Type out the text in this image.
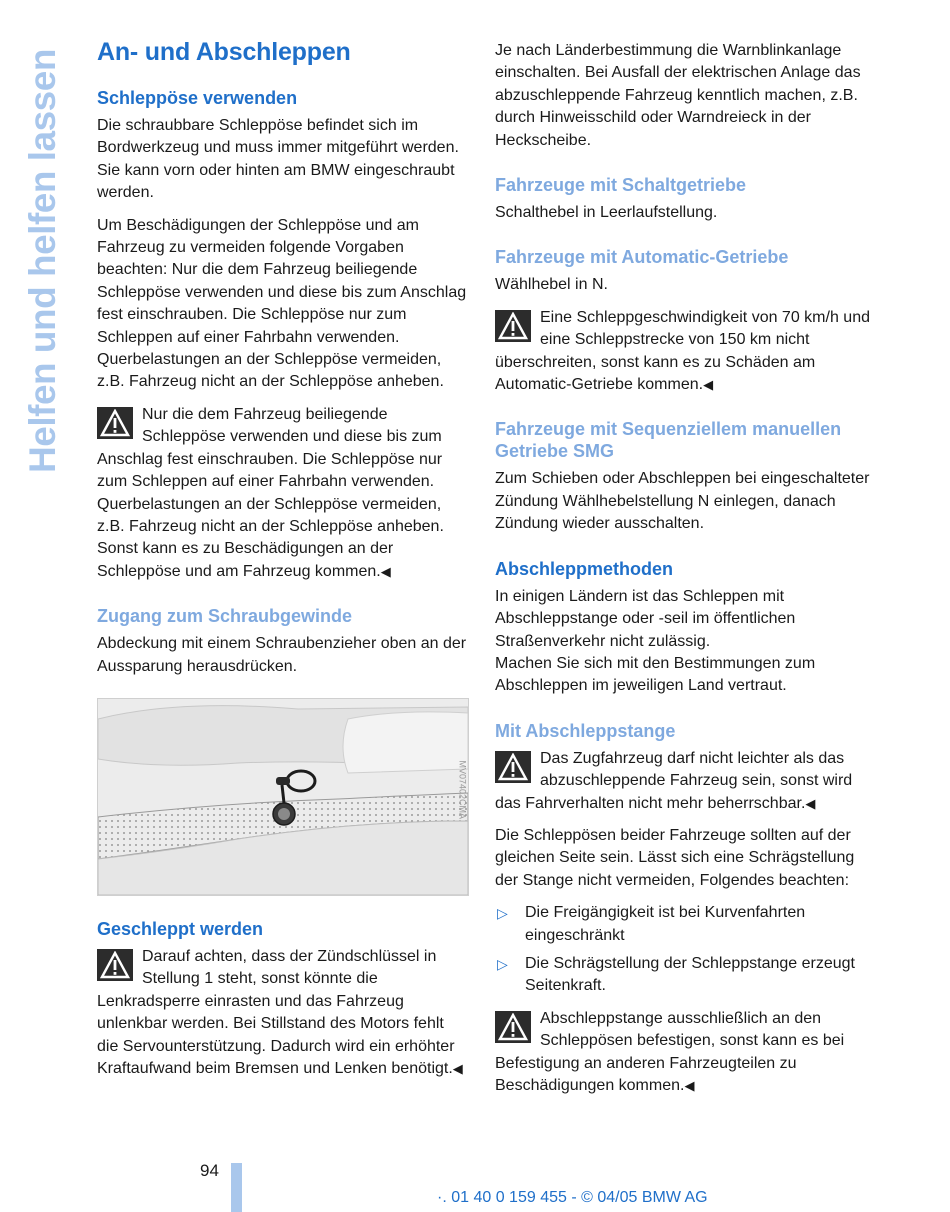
Helfen und helfen lassen An- und Abschleppen
Schleppöse verwenden

Die schraubbare Schleppöse befindet sich im Bordwerkzeug und muss immer mitgeführt werden. Sie kann vorn oder hinten am BMW eingeschraubt werden.

Um Beschädigungen der Schleppöse und am Fahrzeug zu vermeiden folgende Vorgaben beachten: Nur die dem Fahrzeug beiliegende Schleppöse verwenden und diese bis zum Anschlag fest einschrauben. Die Schleppöse nur zum Schleppen auf einer Fahrbahn verwenden. Querbelastungen an der Schleppöse vermeiden, z.B. Fahrzeug nicht an der Schleppöse anheben.

Nur die dem Fahrzeug beiliegende Schleppöse verwenden und diese bis zum Anschlag fest einschrauben. Die Schleppöse nur zum Schleppen auf einer Fahrbahn verwenden. Querbelastungen an der Schleppöse vermeiden, z.B. Fahrzeug nicht an der Schleppöse anheben. Sonst kann es zu Beschädigungen an der Schleppöse und am Fahrzeug kommen.◀
Zugang zum Schraubgewinde

Abdeckung mit einem Schraubenzieher oben an der Aussparung herausdrücken.

MV07402CMA
Geschleppt werden
Darauf achten, dass der Zündschlüssel in Stellung 1 steht, sonst könnte die Lenkradsperre einrasten und das Fahrzeug unlenkbar werden. Bei Stillstand des Motors fehlt die Servounterstützung. Dadurch wird ein erhöhter Kraftaufwand beim Bremsen und Lenken benötigt.◀

Je nach Länderbestimmung die Warnblinkanlage einschalten. Bei Ausfall der elektrischen Anlage das abzuschleppende Fahrzeug kenntlich machen, z.B. durch Hinweisschild oder Warndreieck in der Heckscheibe.

Fahrzeuge mit Schaltgetriebe

Schalthebel in Leerlaufstellung.

Fahrzeuge mit Automatic-Getriebe

Wählhebel in N.

Eine Schleppgeschwindigkeit von 70 km/h und eine Schleppstrecke von 150 km nicht überschreiten, sonst kann es zu Schäden am Automatic-Getriebe kommen.◀
Fahrzeuge mit Sequenziellem manuellen Getriebe SMG

Zum Schieben oder Abschleppen bei eingeschalteter Zündung Wählhebelstellung N einlegen, danach Zündung wieder ausschalten.

Abschleppmethoden

In einigen Ländern ist das Schleppen mit Abschleppstange oder -seil im öffentlichen Straßenverkehr nicht zulässig.

Machen Sie sich mit den Bestimmungen zum Abschleppen im jeweiligen Land vertraut.

Mit Abschleppstange
Das Zugfahrzeug darf nicht leichter als das abzuschleppende Fahrzeug sein, sonst wird das Fahrverhalten nicht mehr beherrschbar.◀

Die Schleppösen beider Fahrzeuge sollten auf der gleichen Seite sein. Lässt sich eine Schrägstellung der Stange nicht vermeiden, Folgendes beachten:

▷ Die Freigängigkeit ist bei Kurvenfahrten eingeschränkt
▷ Die Schrägstellung der Schleppstange erzeugt Seitenkraft.
Abschleppstange ausschließlich an den Schleppösen befestigen, sonst kann es bei Befestigung an anderen Fahrzeugteilen zu Beschädigungen kommen.◀
94
·. 01 40 0 159 455 - © 04/05 BMW AG
